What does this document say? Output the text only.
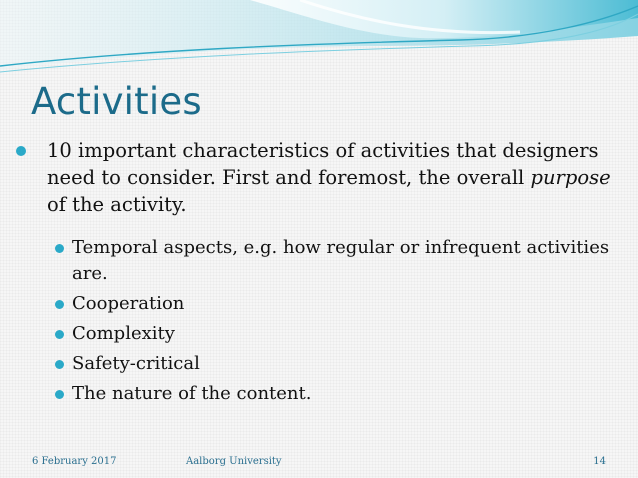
Activities
10 important characteristics of activities that designers need to consider. First and foremost, the overall purpose of the activity.
Temporal aspects, e.g. how regular or infrequent activities are.
Cooperation
Complexity
Safety-critical
The nature of the content.
6 February 2017	Aalborg University	14
